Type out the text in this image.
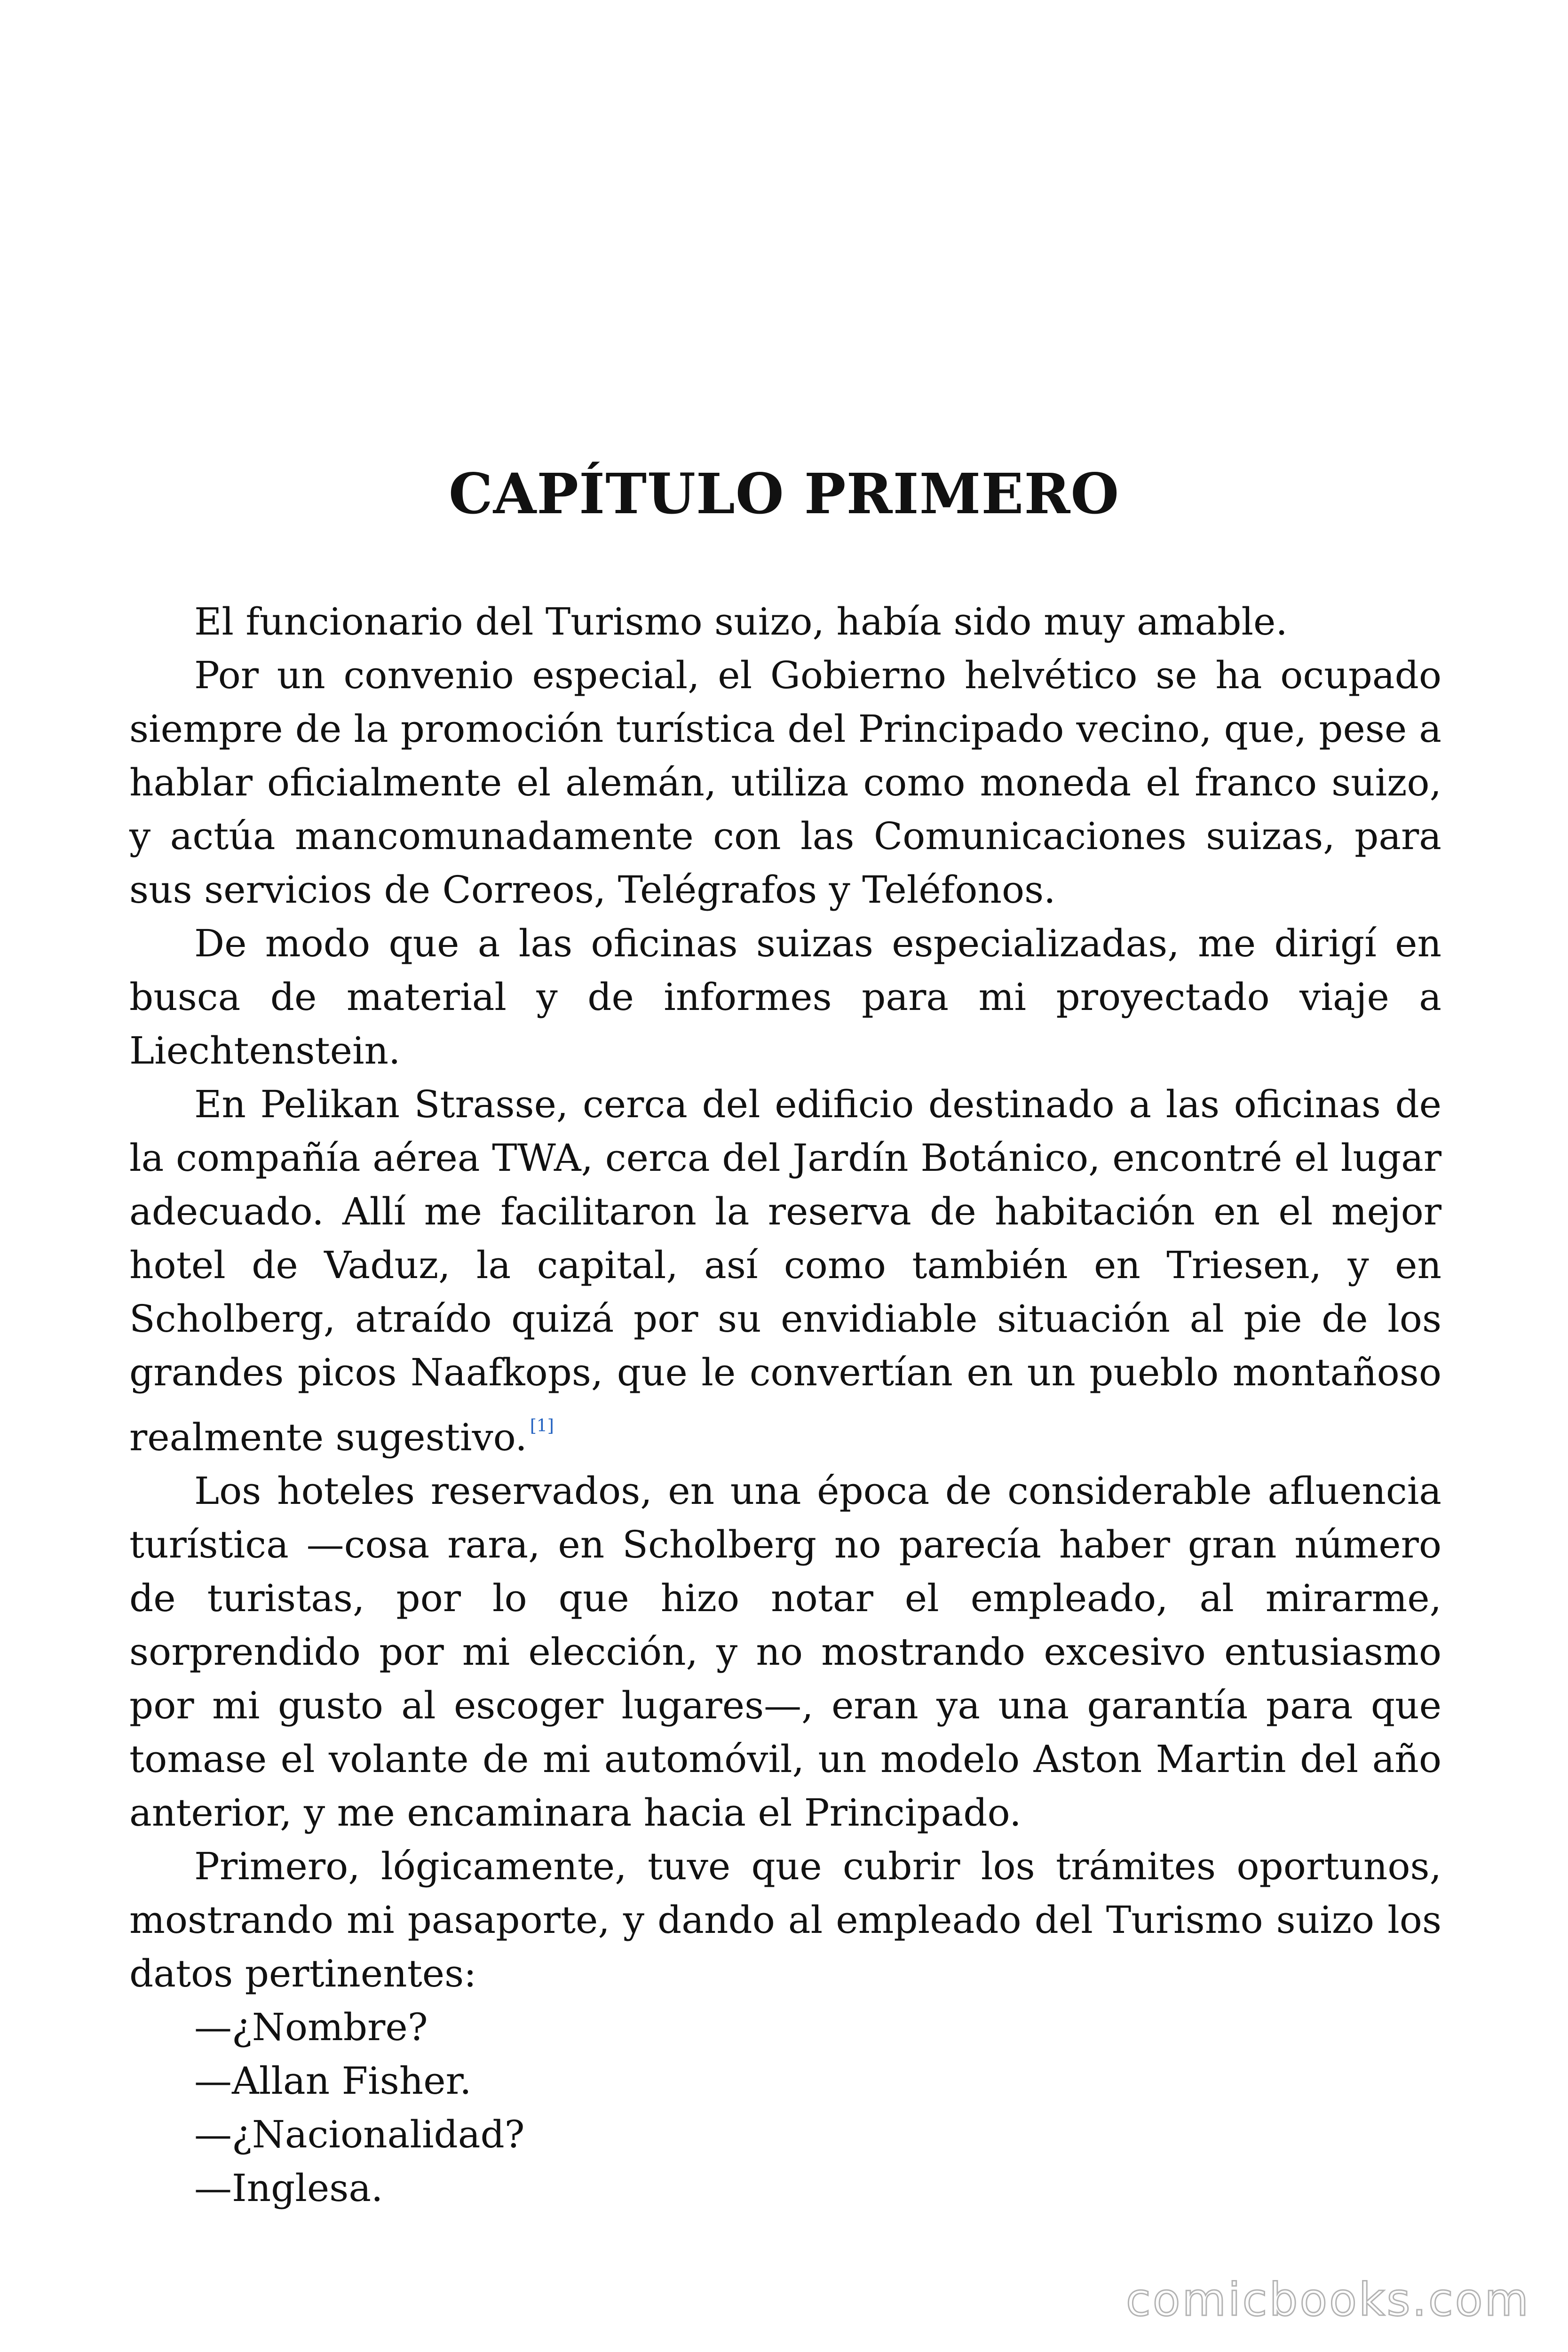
CAPÍTULO PRIMERO

El funcionario del Turismo suizo, había sido muy amable.

Por un convenio especial, el Gobierno helvético se ha ocupado siempre de la promoción turística del Principado vecino, que, pese a hablar oficialmente el alemán, utiliza como moneda el franco suizo, y actúa mancomunadamente con las Comunicaciones suizas, para sus servicios de Correos, Telégrafos y Teléfonos.

De modo que a las oficinas suizas especializadas, me dirigí en busca de material y de informes para mi proyectado viaje a Liechtenstein.

En Pelikan Strasse, cerca del edificio destinado a las oficinas de la compañía aérea TWA, cerca del Jardín Botánico, encontré el lugar adecuado. Allí me facilitaron la reserva de habitación en el mejor hotel de Vaduz, la capital, así como también en Triesen, y en Scholberg, atraído quizá por su envidiable situación al pie de los grandes picos Naafkops, que le convertían en un pueblo montañoso realmente sugestivo. [1]

Los hoteles reservados, en una época de considerable afluencia turística —cosa rara, en Scholberg no parecía haber gran número de turistas, por lo que hizo notar el empleado, al mirarme, sorprendido por mi elección, y no mostrando excesivo entusiasmo por mi gusto al escoger lugares—, eran ya una garantía para que tomase el volante de mi automóvil, un modelo Aston Martin del año anterior, y me encaminara hacia el Principado.

Primero, lógicamente, tuve que cubrir los trámites oportunos, mostrando mi pasaporte, y dando al empleado del Turismo suizo los datos pertinentes:

—¿Nombre?

—Allan Fisher.

—¿Nacionalidad?

—Inglesa.

comicbooks.com
